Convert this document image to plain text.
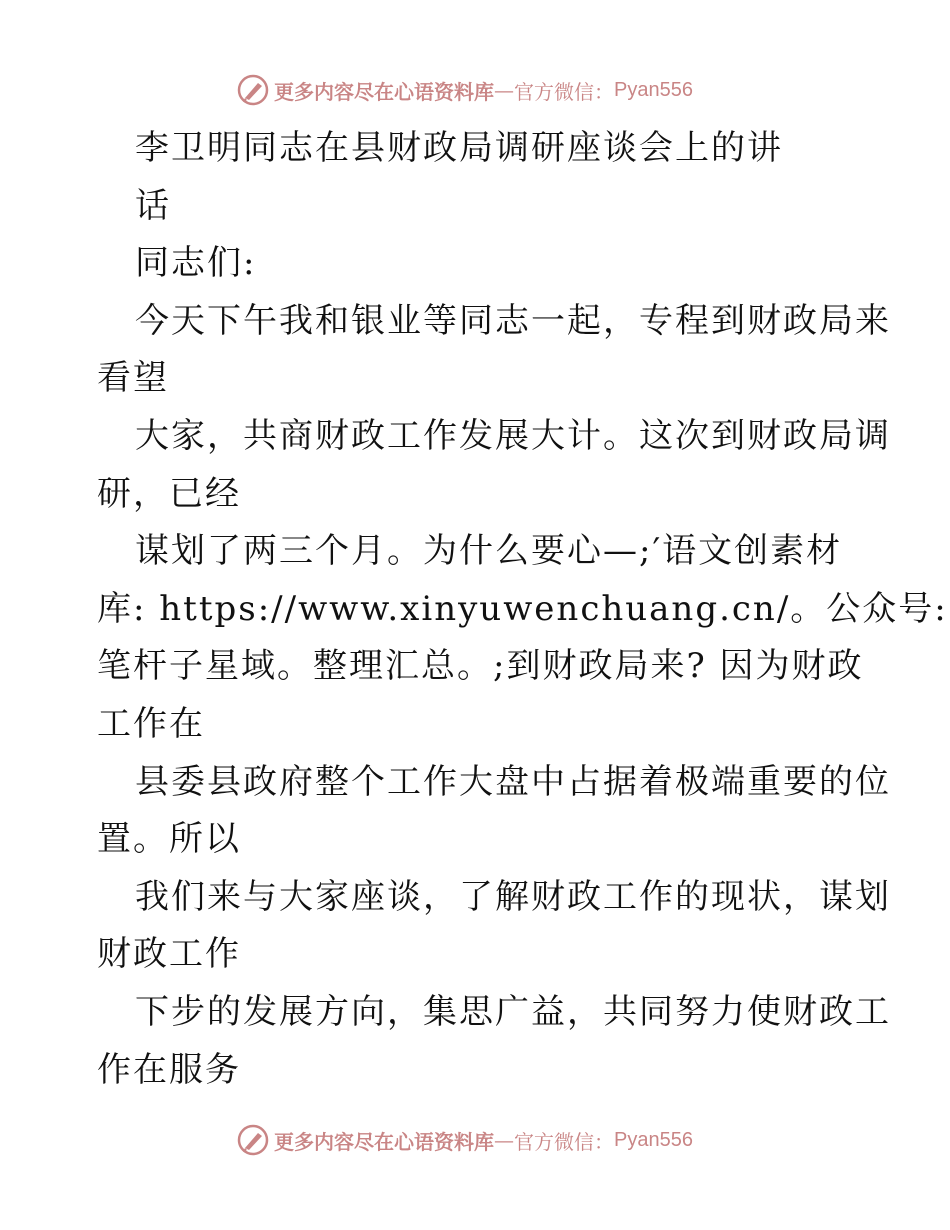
更多内容尽在心语资料库 — 官方微信： Pyan556
李卫明同志在县财政局调研座谈会上的讲
话
同志们:
今天下午我和银业等同志一起，专程到财政局来
看望
大家，共商财政工作发展大计。这次到财政局调
研，已经
谋划了两三个月。为什么要心—;′语文创素材
库: https://www.xinyuwenchuang.cn/。公众号:
笔杆子星域。整理汇总。;到财政局来? 因为财政
工作在
县委县政府整个工作大盘中占据着极端重要的位
置。所以
我们来与大家座谈，了解财政工作的现状，谋划
财政工作
下步的发展方向，集思广益，共同努力使财政工
作在服务
更多内容尽在心语资料库 — 官方微信： Pyan556
